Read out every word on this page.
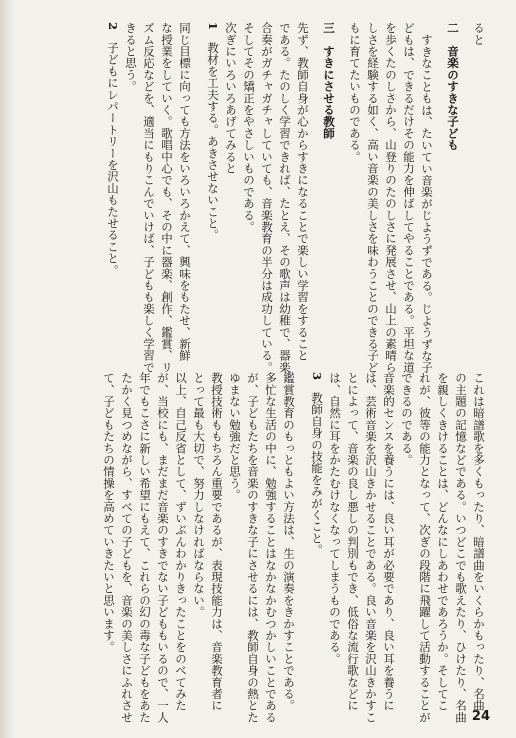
ると
二　音楽のすきな子ども
すきなこともは、たいてい音楽がじようずである。じようずな子
どもは、できるだけその能力を伸ばしてやることである。平坦な道
を歩くたのしさから、山登りのたのしさに発展させ、山上の素晴ら
しさを経験する如く、高い音楽の美しさを味わうことのできる子ど
もに育てたいものである。
三　すきにさせる教師
先ず、教師自身が心からすきになることで楽しい学習をすること
である。たのしく学習できれば、たとえ、その歌声は幼稚で、器楽
合奏がガチャガチャしていても、音楽教育の半分は成功している。
そしてその矯正をやさしいものである。
次ぎにいろいろあげてみると
1　教材を工夫する。あきさせないこと。
同じ目標に向っても方法をいろいろかえて、興味をもたせ、新鮮
な授業をしていく。歌唱中心でも、その中に器楽、創作、鑑賞、リ
ズム反応などを、適当にもりこんでいけば、子どもも楽しく学習で
きると思う。
2　子どもにレパートリーを沢山もたせること。
これは暗譜歌を多くもったり、暗譜曲をいくらかもったり、名曲
の主題の記憶などである。いつどこでも歌えたり、ひけたり、名曲
を親しくきけることは、どんなにしあわせであろうか。そしてこ
れが、彼等の能力となって、次ぎの段階に飛躍して活動することが
できるのである。
音楽的センスを養うには、良い耳が必要であり、良い耳を養うに
は、芸術音楽を沢山きかせることである。良い音楽を沢山きかすこ
とによって、音楽の良し悪しの判別もでき、低俗な流行歌などに
は、自然に耳をかたむけなくなってしまうものである。
3　教師自身の技能をみがくこと。
鑑賞教育のもっともよい方法は、生の演奏をきかすことである。
多忙な生活の中に、勉強することはなかなかむつかしいことである
が、子どもたちを音楽のすきな子にさせるには、教師自身の熱とた
ゆまない勉強だと思う。
教授技術ももちろん重要であるが、表現技能力は、音楽教育者に
とって最も大切で、努力しなければならない。
以上、自己反省として、ずいぶんわかりきったことをのべてみた
が、当校にも、まだまだ音楽のすきでない子どももいるので、一人
年でもこさに新しい希望にもえて、これらの幻の毒な子どもをあた
たかく見つめながら、すべての子どもを、音楽の美しさにふれさせ
て、子どもたちの情操を高めていきたいと思います。
24
